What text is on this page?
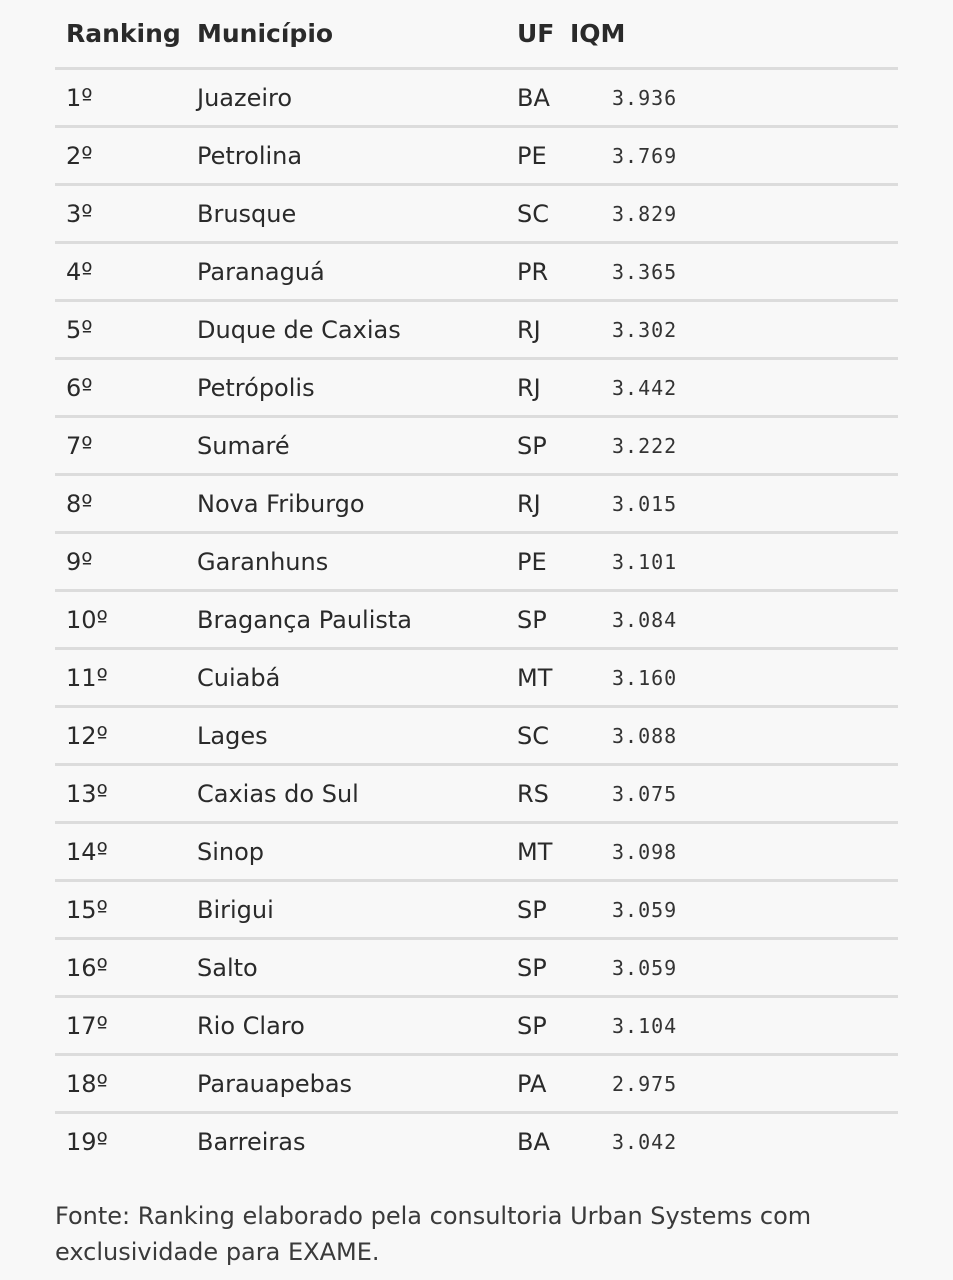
Ranking	Município	UF	IQM
1º	Juazeiro	BA	3.936
2º	Petrolina	PE	3.769
3º	Brusque	SC	3.829
4º	Paranaguá	PR	3.365
5º	Duque de Caxias	RJ	3.302
6º	Petrópolis	RJ	3.442
7º	Sumaré	SP	3.222
8º	Nova Friburgo	RJ	3.015
9º	Garanhuns	PE	3.101
10º	Bragança Paulista	SP	3.084
11º	Cuiabá	MT	3.160
12º	Lages	SC	3.088
13º	Caxias do Sul	RS	3.075
14º	Sinop	MT	3.098
15º	Birigui	SP	3.059
16º	Salto	SP	3.059
17º	Rio Claro	SP	3.104
18º	Parauapebas	PA	2.975
19º	Barreiras	BA	3.042

Fonte: Ranking elaborado pela consultoria Urban Systems com exclusividade para EXAME.
